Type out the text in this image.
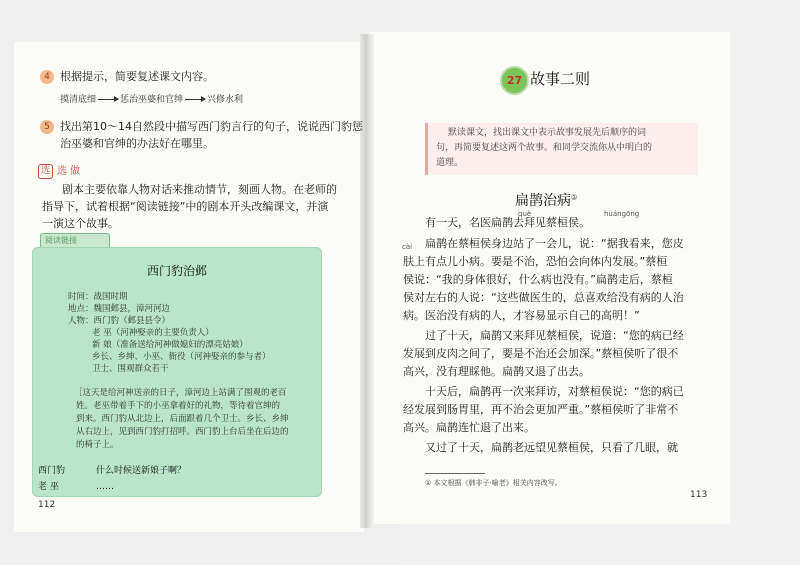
4 根据提示，简要复述课文内容。
摸清底细	惩治巫婆和官绅	兴修水利
5 找出第10～14自然段中描写西门豹言行的句子，说说西门豹惩
治巫婆和官绅的办法好在哪里。
选 选 做
剧本主要依靠人物对话来推动情节，刻画人物。在老师的
指导下，试着根据“阅读链接”中的剧本开头改编课文，并演
一演这个故事。
阅读链接
西门豹治邺
时间：战国时期
地点：魏国邺县，漳河河边
人物：西门豹（邺县县令）
老 巫（河神娶亲的主要负责人）
新 娘（准备送给河神做媳妇的漂亮姑娘）
乡长、乡绅、小巫、衙役（河神娶亲的参与者）
卫士、围观群众若干
［这天是给河神送亲的日子，漳河边上站满了围观的老百
姓。老巫带着手下的小巫拿着好的礼物，等待着官绅的
到来。西门豹从北边上，后面跟着几个卫士。乡长、乡绅
从右边上，见到西门豹打招呼。西门豹上台后坐在后边的
的椅子上。
西门豹	什么时候送新娘子啊？
老 巫	……
112
27 故事二则
默读课文，找出课文中表示故事发展先后顺序的词
句，再简要复述这两个故事。和同学交流你从中明白的
道理。
扁鹊治病①
què	huángōng
cài
有一天，名医扁鹊去拜见蔡桓侯。
扁鹊在蔡桓侯身边站了一会儿，说：“据我看来，您皮
肤上有点儿小病。要是不治，恐怕会向体内发展。”蔡桓
侯说：“我的身体很好，什么病也没有。”扁鹊走后，蔡桓
侯对左右的人说：“这些做医生的，总喜欢给没有病的人治
病。医治没有病的人，才容易显示自己的高明！”
过了十天，扁鹊又来拜见蔡桓侯，说道：“您的病已经
发展到皮肉之间了，要是不治还会加深。”蔡桓侯听了很不
高兴，没有理睬他。扁鹊又退了出去。
十天后，扁鹊再一次来拜访，对蔡桓侯说：“您的病已
经发展到肠胃里，再不治会更加严重。”蔡桓侯听了非常不
高兴。扁鹊连忙退了出来。
又过了十天，扁鹊老远望见蔡桓侯，只看了几眼，就
① 本文根据《韩非子·喻老》相关内容改写。
113
